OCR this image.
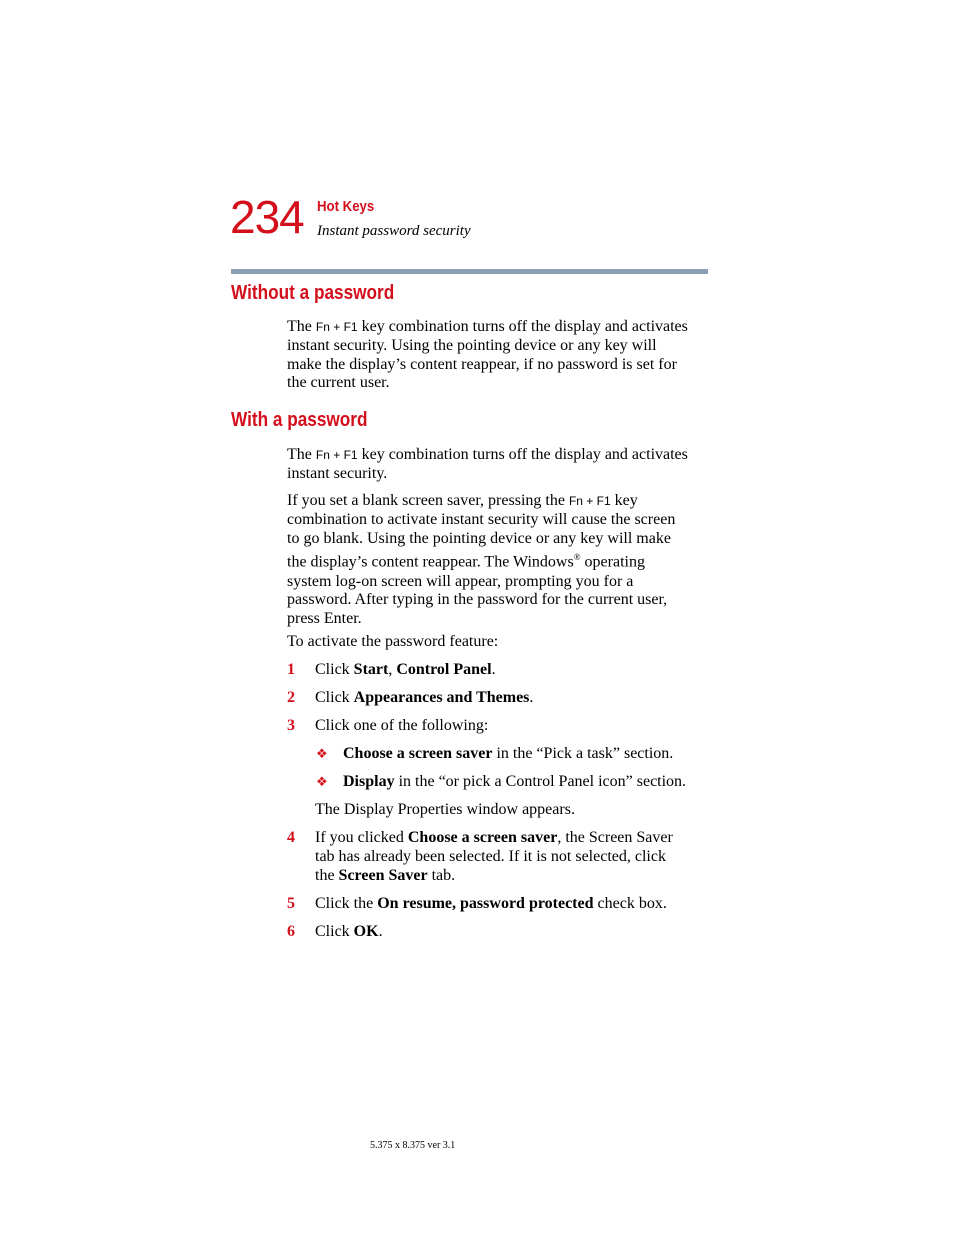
234 Hot Keys
Instant password security
Without a password
The Fn + F1 key combination turns off the display and activates
instant security. Using the pointing device or any key will
make the display’s content reappear, if no password is set for
the current user.
With a password
The Fn + F1 key combination turns off the display and activates
instant security.
If you set a blank screen saver, pressing the Fn + F1 key
combination to activate instant security will cause the screen
to go blank. Using the pointing device or any key will make
the display’s content reappear. The Windows® operating
system log-on screen will appear, prompting you for a
password. After typing in the password for the current user,
press Enter.
To activate the password feature:
1 Click Start, Control Panel.
2 Click Appearances and Themes.
3 Click one of the following:
❖ Choose a screen saver in the “Pick a task” section.
❖ Display in the “or pick a Control Panel icon” section.
The Display Properties window appears.
4 If you clicked Choose a screen saver, the Screen Saver
tab has already been selected. If it is not selected, click
the Screen Saver tab.
5 Click the On resume, password protected check box.
6 Click OK.
5.375 x 8.375 ver 3.1
